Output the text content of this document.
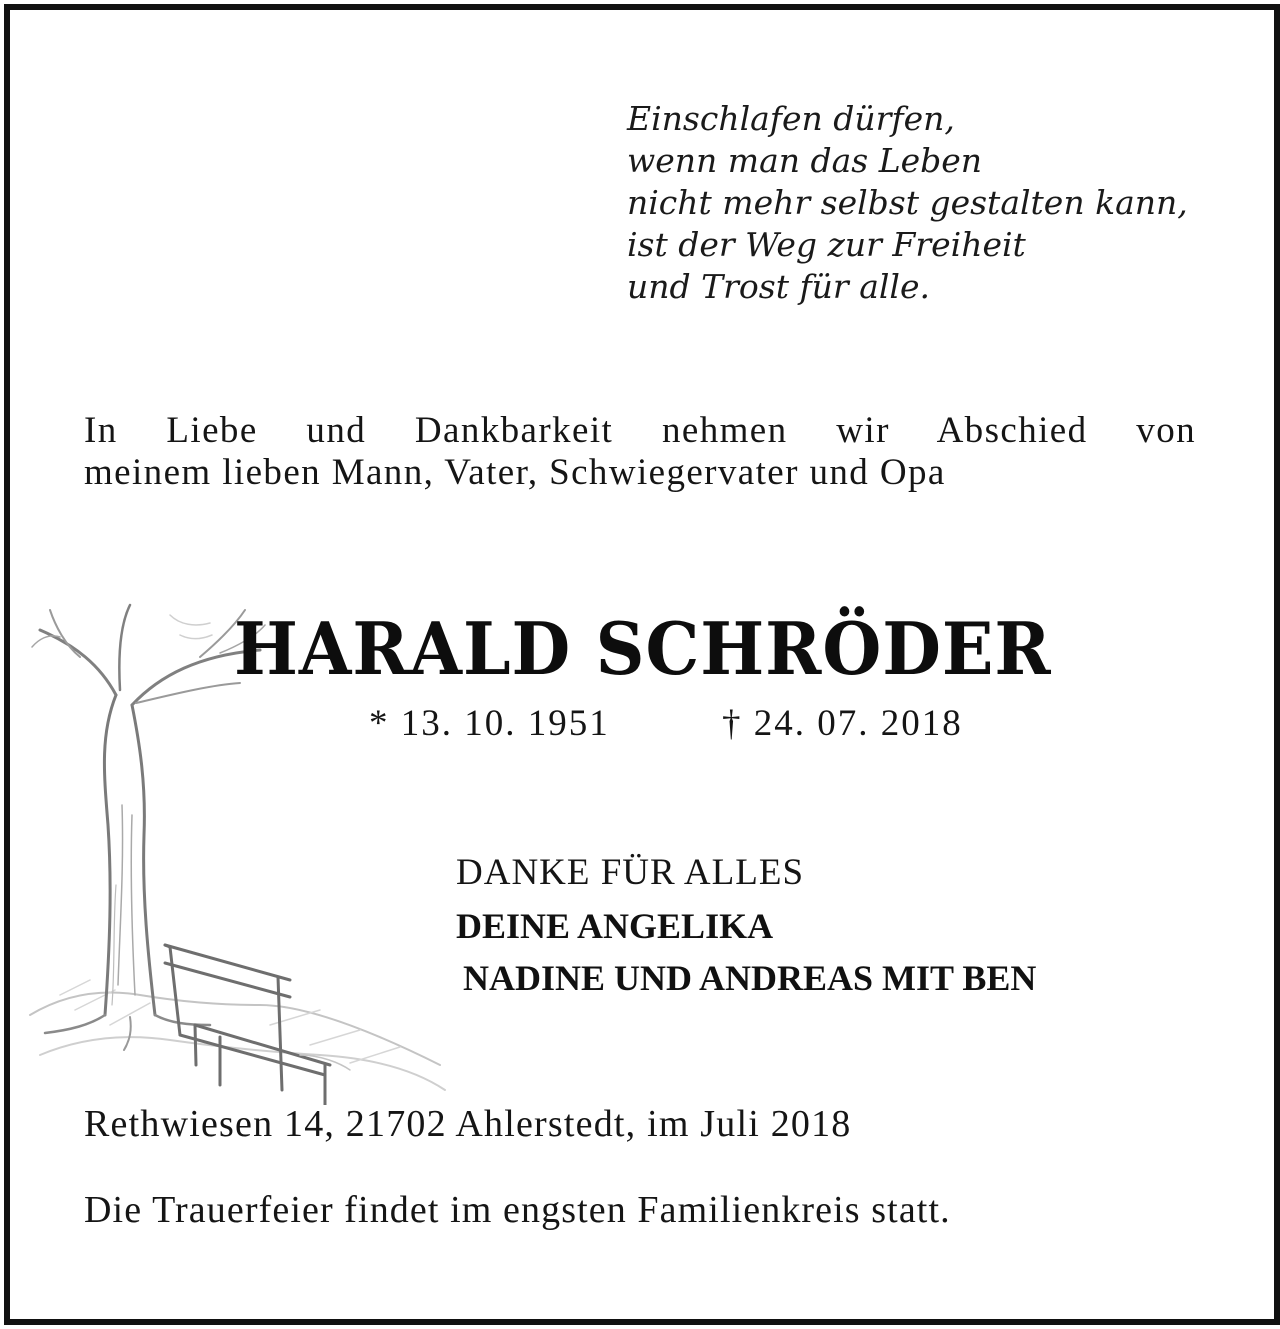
Einschlafen dürfen,
wenn man das Leben
nicht mehr selbst gestalten kann,
ist der Weg zur Freiheit
und Trost für alle.
In Liebe und Dankbarkeit nehmen wir Abschied von
meinem lieben Mann, Vater, Schwiegervater und Opa
HARALD SCHRÖDER
* 13. 10. 1951	† 24. 07. 2018
DANKE FÜR ALLES
DEINE ANGELIKA
NADINE UND ANDREAS MIT BEN
Rethwiesen 14, 21702 Ahlerstedt, im Juli 2018
Die Trauerfeier findet im engsten Familienkreis statt.
